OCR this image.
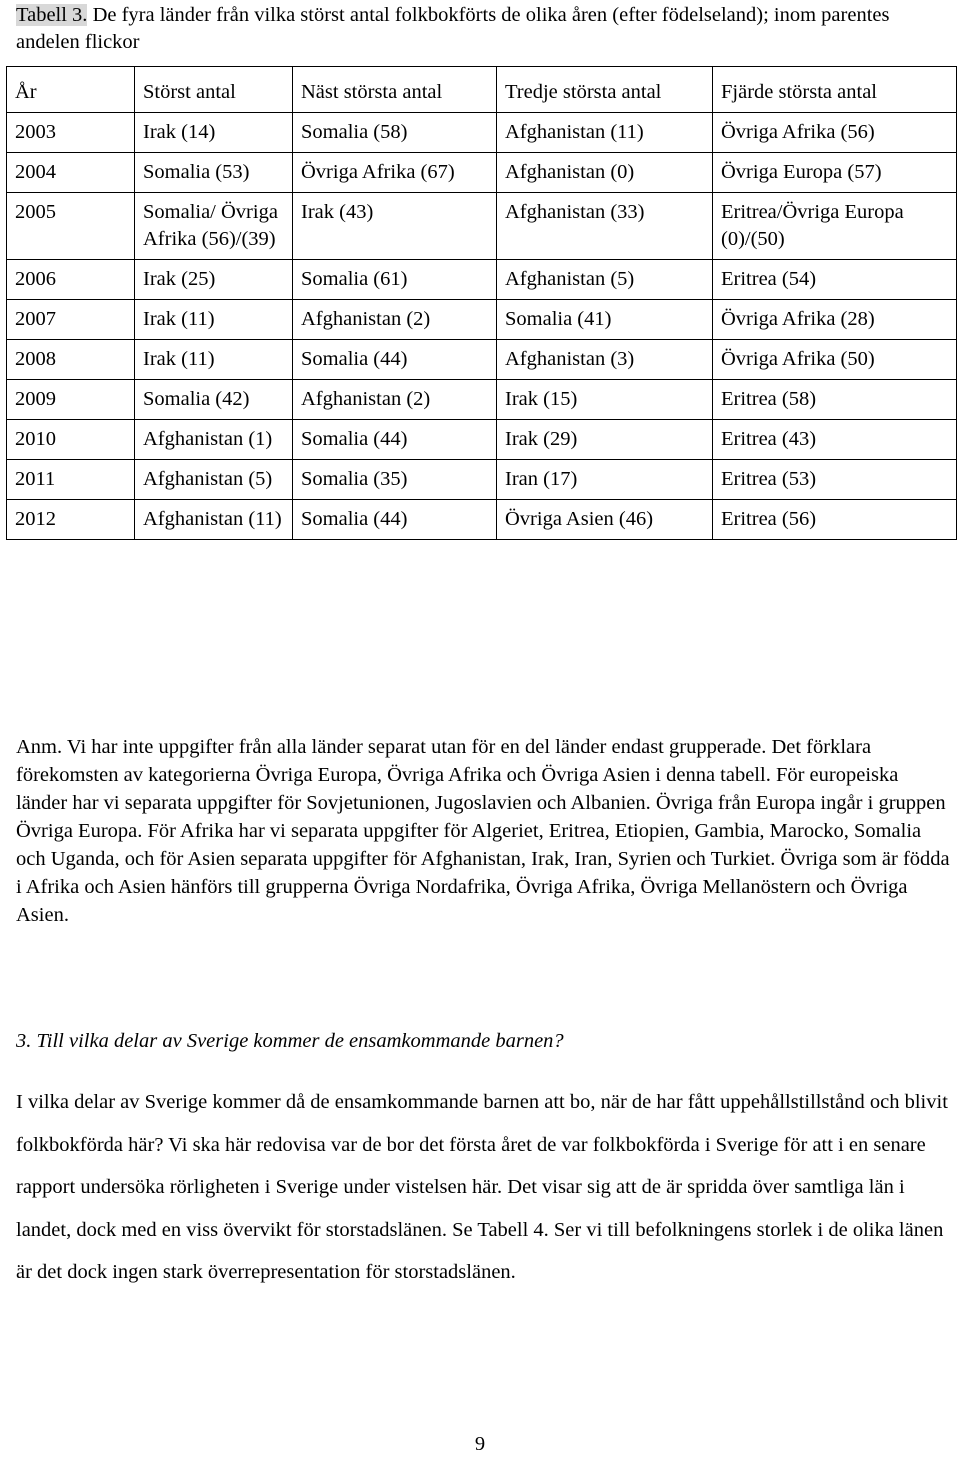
Tabell 3. De fyra länder från vilka störst antal folkbokförts de olika åren (efter födelseland); inom parentes andelen flickor
År	Störst antal	Näst största antal	Tredje största antal	Fjärde största antal
2003	Irak (14)	Somalia (58)	Afghanistan (11)	Övriga Afrika (56)
2004	Somalia (53)	Övriga Afrika (67)	Afghanistan (0)	Övriga Europa (57)
2005	Somalia/ Övriga Afrika (56)/(39)	Irak (43)	Afghanistan (33)	Eritrea/Övriga Europa (0)/(50)
2006	Irak (25)	Somalia (61)	Afghanistan (5)	Eritrea (54)
2007	Irak (11)	Afghanistan (2)	Somalia (41)	Övriga Afrika (28)
2008	Irak (11)	Somalia (44)	Afghanistan (3)	Övriga Afrika (50)
2009	Somalia (42)	Afghanistan (2)	Irak (15)	Eritrea (58)
2010	Afghanistan (1)	Somalia (44)	Irak (29)	Eritrea (43)
2011	Afghanistan (5)	Somalia (35)	Iran (17)	Eritrea (53)
2012	Afghanistan (11)	Somalia (44)	Övriga Asien (46)	Eritrea (56)
Anm. Vi har inte uppgifter från alla länder separat utan för en del länder endast grupperade. Det förklara förekomsten av kategorierna Övriga Europa, Övriga Afrika och Övriga Asien i denna tabell. För europeiska länder har vi separata uppgifter för Sovjetunionen, Jugoslavien och Albanien. Övriga från Europa ingår i gruppen Övriga Europa. För Afrika har vi separata uppgifter för Algeriet, Eritrea, Etiopien, Gambia, Marocko, Somalia och Uganda, och för Asien separata uppgifter för Afghanistan, Irak, Iran, Syrien och Turkiet. Övriga som är födda i Afrika och Asien hänförs till grupperna Övriga Nordafrika, Övriga Afrika, Övriga Mellanöstern och Övriga Asien.
3. Till vilka delar av Sverige kommer de ensamkommande barnen?
I vilka delar av Sverige kommer då de ensamkommande barnen att bo, när de har fått uppehållstillstånd och blivit folkbokförda här? Vi ska här redovisa var de bor det första året de var folkbokförda i Sverige för att i en senare rapport undersöka rörligheten i Sverige under vistelsen här. Det visar sig att de är spridda över samtliga län i landet, dock med en viss övervikt för storstadslänen. Se Tabell 4. Ser vi till befolkningens storlek i de olika länen är det dock ingen stark överrepresentation för storstadslänen.
9
